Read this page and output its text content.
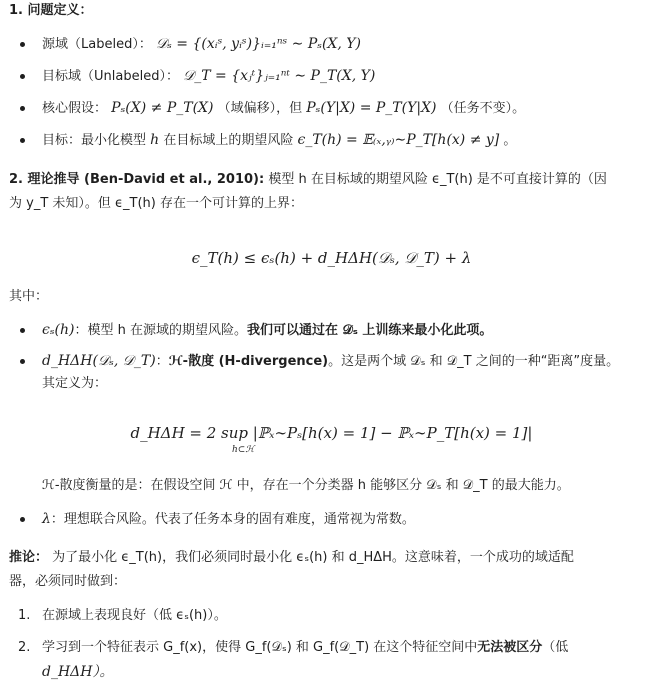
1. 问题定义：
源域（Labeled）： 𝒟ₛ = {(xᵢˢ, yᵢˢ)}ᵢ₌₁ⁿˢ ∼ Pₛ(X, Y)
目标域（Unlabeled）： 𝒟_T = {xⱼᵗ}ⱼ₌₁ⁿᵗ ∼ P_T(X, Y)
核心假设： Pₛ(X) ≠ P_T(X) （域偏移），但 Pₛ(Y|X) = P_T(Y|X) （任务不变）。
目标：最小化模型 h 在目标域上的期望风险 ϵ_T(h) = 𝔼₍ₓ,ᵧ₎∼P_T[h(x) ≠ y] 。
2. 理论推导 (Ben-David et al., 2010): 模型 h 在目标域的期望风险 ϵ_T(h) 是不可直接计算的（因
为 y_T 未知）。但 ϵ_T(h) 存在一个可计算的上界：
ϵ_T(h) ≤ ϵₛ(h) + d_HΔH(𝒟ₛ, 𝒟_T) + λ
其中：
ϵₛ(h)：模型 h 在源域的期望风险。我们可以通过在 𝒟ₛ 上训练来最小化此项。
d_HΔH(𝒟ₛ, 𝒟_T)：ℋ-散度 (H-divergence)。这是两个域 𝒟ₛ 和 𝒟_T 之间的一种“距离”度量。
其定义为：
d_HΔH = 2 sup |ℙₓ∼Pₛ[h(x) = 1] − ℙₓ∼P_T[h(x) = 1]|
h⊂ℋ
ℋ-散度衡量的是：在假设空间 ℋ 中，存在一个分类器 h 能够区分 𝒟ₛ 和 𝒟_T 的最大能力。
λ：理想联合风险。代表了任务本身的固有难度，通常视为常数。
推论： 为了最小化 ϵ_T(h)，我们必须同时最小化 ϵₛ(h) 和 d_HΔH。这意味着，一个成功的域适配
器，必须同时做到：
1. 在源域上表现良好（低 ϵₛ(h)）。
2. 学习到一个特征表示 G_f(x)，使得 G_f(𝒟ₛ) 和 G_f(𝒟_T) 在这个特征空间中无法被区分（低
d_HΔH）。
